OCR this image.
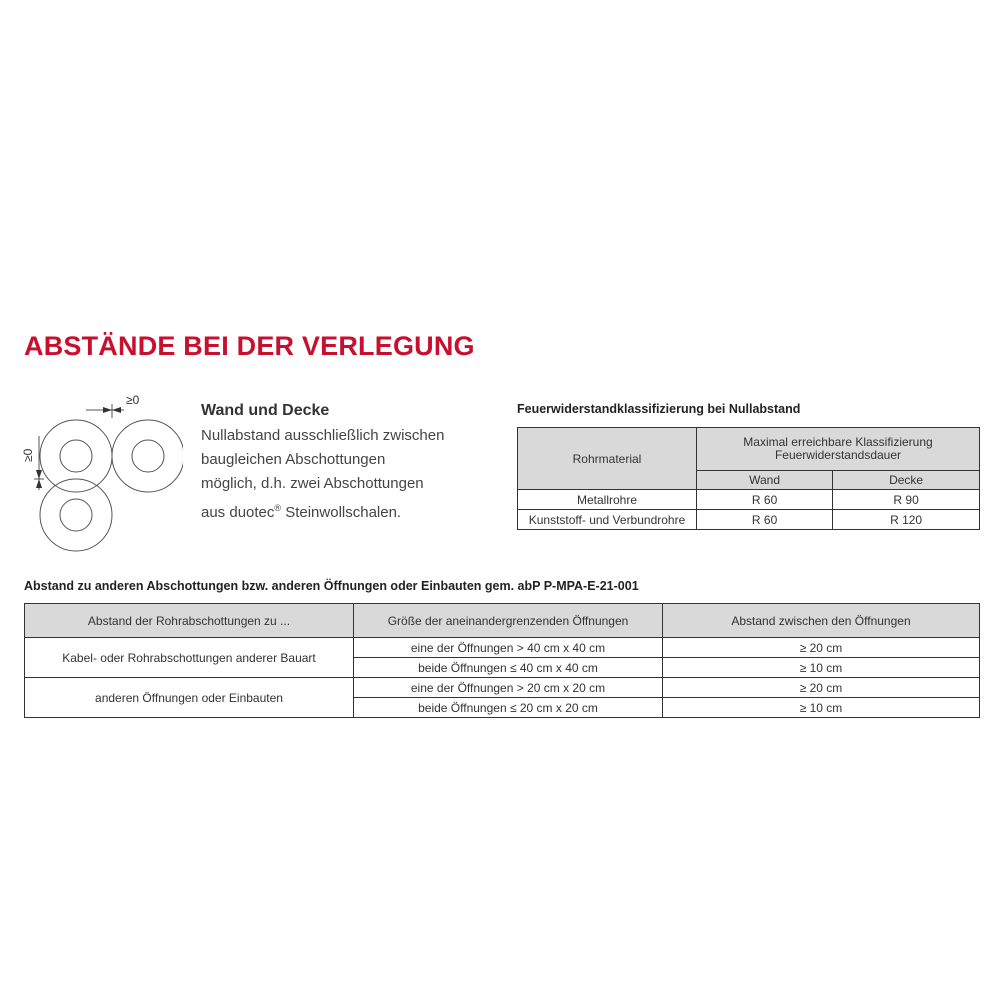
ABSTÄNDE BEI DER VERLEGUNG
≥0
≥0

Wand und Decke

Nullabstand ausschließlich zwischen

baugleichen Abschottungen

möglich, d.h. zwei Abschottungen

aus duotec® Steinwollschalen.

Feuerwiderstandklassifizierung bei Nullabstand

Rohrmaterial	Maximal erreichbare Klassifizierung
Feuerwiderstandsdauer	
	Wand	Decke
Metallrohre	R 60	R 90
Kunststoff- und Verbundrohre	R 60	R 120

Abstand zu anderen Abschottungen bzw. anderen Öffnungen oder Einbauten gem. abP P-MPA-E-21-001

Abstand der Rohrabschottungen zu ...	Größe der aneinandergrenzenden Öffnungen	Abstand zwischen den Öffnungen
Kabel- oder Rohrabschottungen anderer Bauart	eine der Öffnungen > 40 cm x 40 cm	≥ 20 cm
	beide Öffnungen ≤ 40 cm x 40 cm	≥ 10 cm
anderen Öffnungen oder Einbauten	eine der Öffnungen > 20 cm x 20 cm	≥ 20 cm
	beide Öffnungen ≤ 20 cm x 20 cm	≥ 10 cm
